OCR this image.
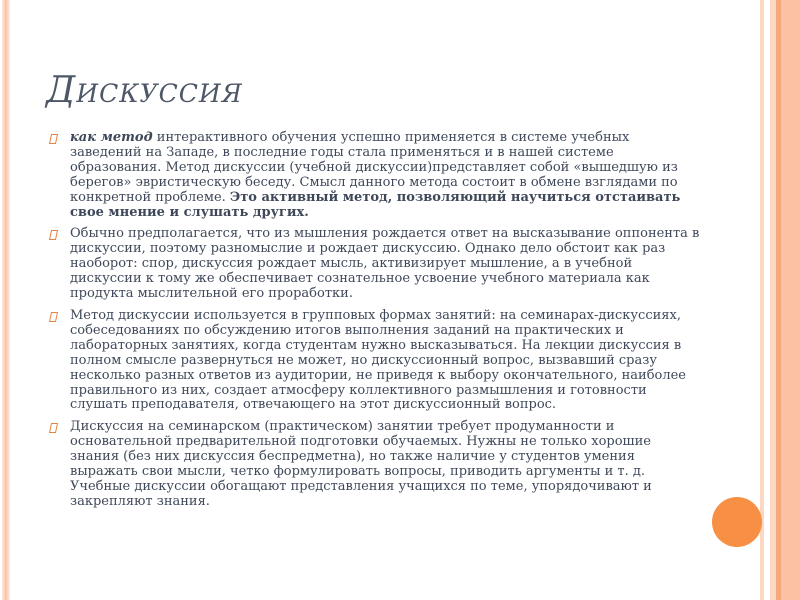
Дискуссия
как метод интерактивного обучения успешно применяется в системе учебных заведений на Западе, в последние годы стала применяться и в нашей системе образования. Метод дискуссии (учебной дискуссии)представляет собой «вышедшую из берегов» эвристическую беседу. Смысл данного метода состоит в обмене взглядами по конкретной проблеме. Это активный метод, позволяющий научиться отстаивать свое мнение и слушать других.
Обычно предполагается, что из мышления рождается ответ на высказывание оппонента в дискуссии, поэтому разномыслие и рождает дискуссию. Однако дело обстоит как раз наоборот: спор, дискуссия рождает мысль, активизирует мышление, а в учебной дискуссии к тому же обеспечивает сознательное усвоение учебного материала как продукта мыслительной его проработки.
Метод дискуссии используется в групповых формах занятий: на семинарах-дискуссиях, собеседованиях по обсуждению итогов выполнения заданий на практических и лабораторных занятиях, когда студентам нужно высказываться. На лекции дискуссия в полном смысле развернуться не может, но дискуссионный вопрос, вызвавший сразу несколько разных ответов из аудитории, не приведя к выбору окончательного, наиболее правильного из них, создает атмосферу коллективного размышления и готовности слушать преподавателя, отвечающего на этот дискуссионный вопрос.
Дискуссия на семинарском (практическом) занятии требует продуманности и основательной предварительной подготовки обучаемых. Нужны не только хорошие знания (без них дискуссия беспредметна), но также наличие у студентов умения выражать свои мысли, четко формулировать вопросы, приводить аргументы и т. д. Учебные дискуссии обогащают представления учащихся по теме, упорядочивают и закрепляют знания.
